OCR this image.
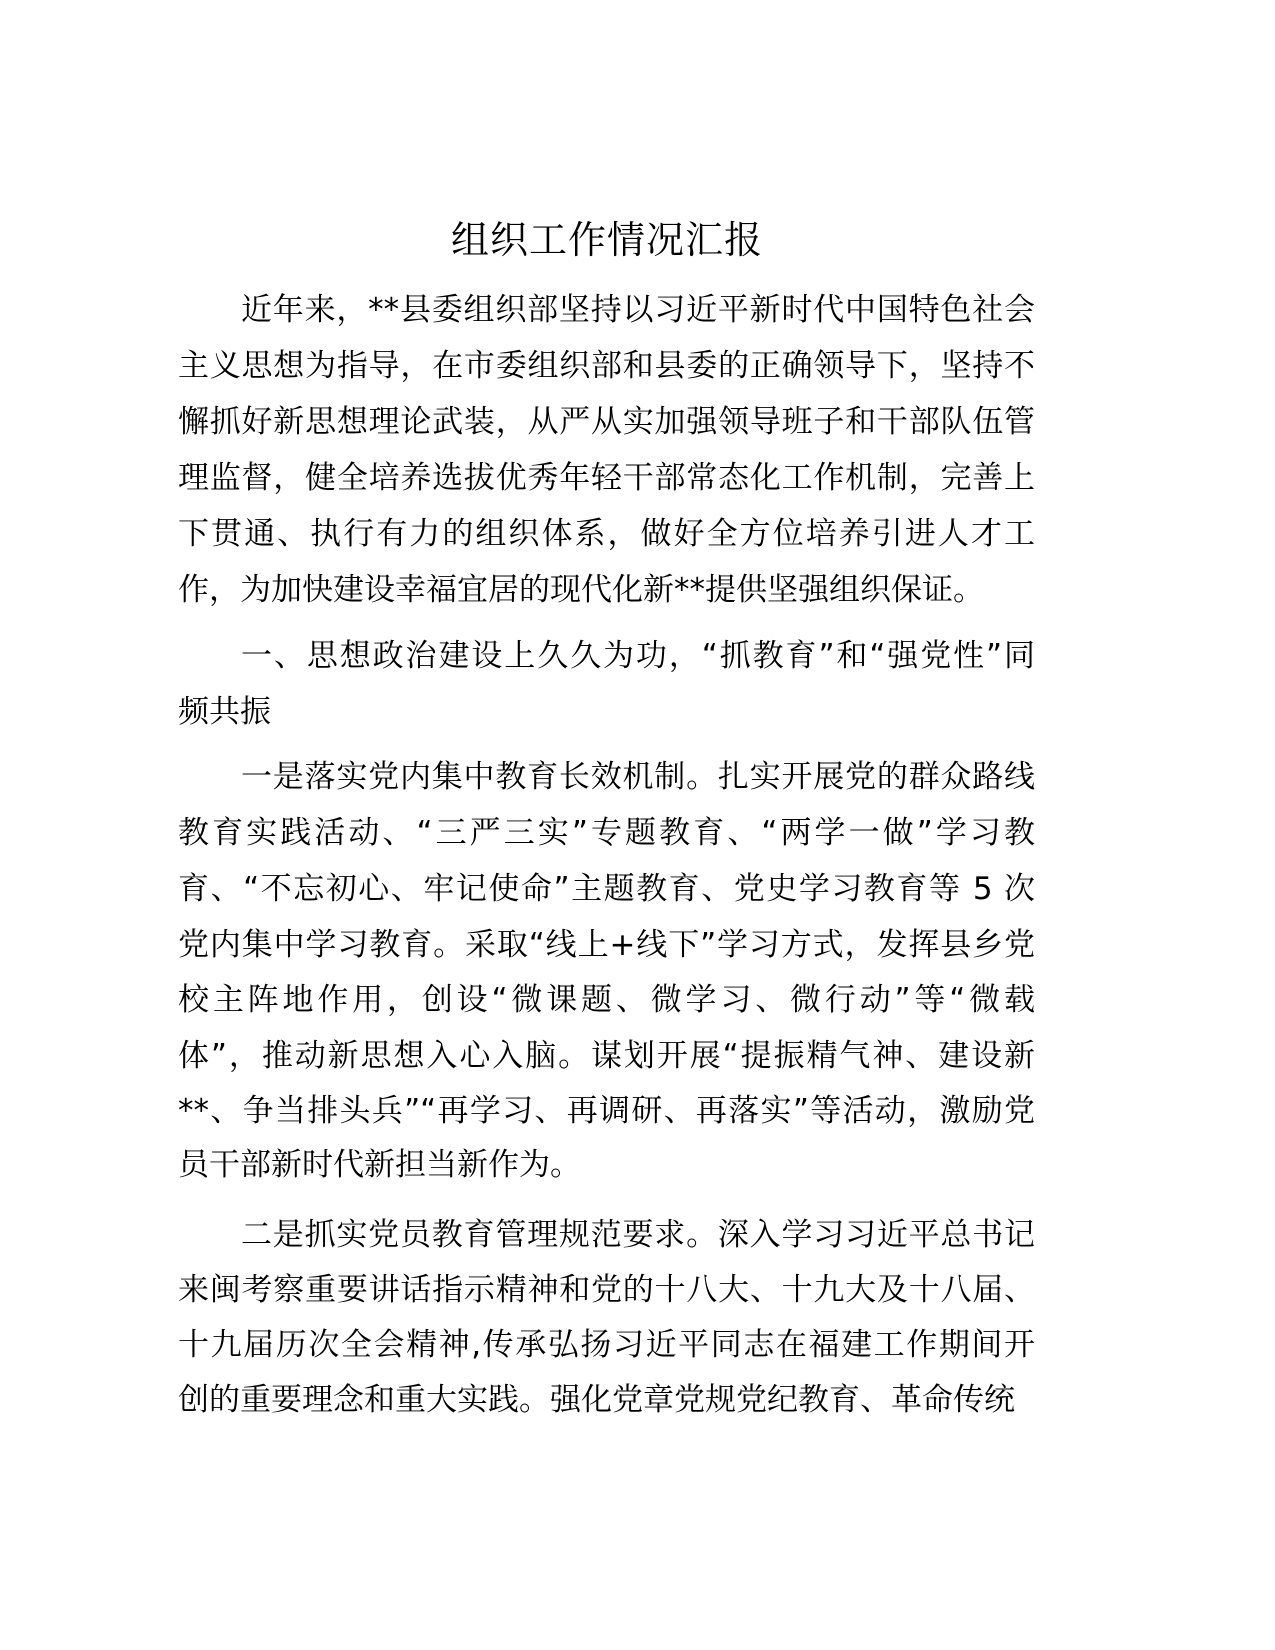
组织工作情况汇报
近年来，**县委组织部坚持以习近平新时代中国特色社会
主义思想为指导，在市委组织部和县委的正确领导下，坚持不
懈抓好新思想理论武装，从严从实加强领导班子和干部队伍管
理监督，健全培养选拔优秀年轻干部常态化工作机制，完善上
下贯通、执行有力的组织体系，做好全方位培养引进人才工
作，为加快建设幸福宜居的现代化新**提供坚强组织保证。
一、思想政治建设上久久为功，“抓教育”和“强党性”同
频共振
一是落实党内集中教育长效机制。扎实开展党的群众路线
教育实践活动、“三严三实”专题教育、“两学一做”学习教
育、“不忘初心、牢记使命”主题教育、党史学习教育等 5 次
党内集中学习教育。采取“线上+线下”学习方式，发挥县乡党
校主阵地作用，创设“微课题、微学习、微行动”等“微载
体”，推动新思想入心入脑。谋划开展“提振精气神、建设新
**、争当排头兵”“再学习、再调研、再落实”等活动，激励党
员干部新时代新担当新作为。
二是抓实党员教育管理规范要求。深入学习习近平总书记
来闽考察重要讲话指示精神和党的十八大、十九大及十八届、
十九届历次全会精神,传承弘扬习近平同志在福建工作期间开
创的重要理念和重大实践。强化党章党规党纪教育、革命传统
